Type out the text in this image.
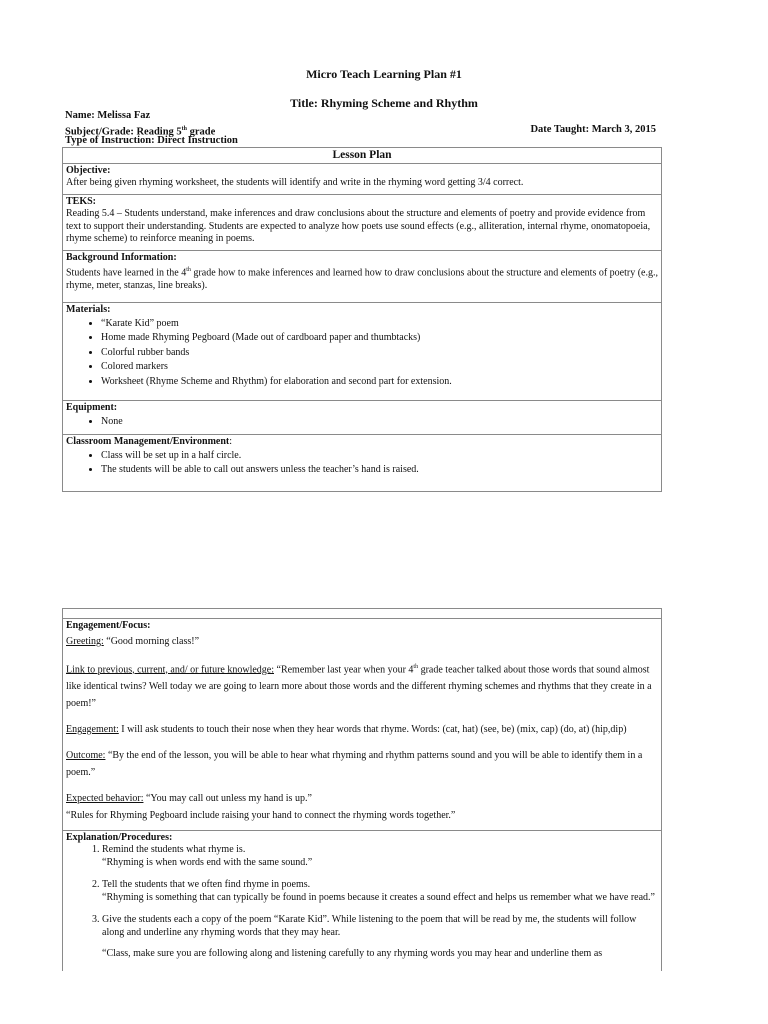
Micro Teach Learning Plan #1
Title: Rhyming Scheme and Rhythm
Name: Melissa Faz
Subject/Grade: Reading 5th grade	Date Taught: March 3, 2015
Type of Instruction: Direct Instruction
Lesson Plan

Objective:
After being given rhyming worksheet, the students will identify and write in the rhyming word getting 3/4 correct.

TEKS:
Reading 5.4 – Students understand, make inferences and draw conclusions about the structure and elements of poetry and provide evidence from text to support their understanding. Students are expected to analyze how poets use sound effects (e.g., alliteration, internal rhyme, onomatopoeia, rhyme scheme) to reinforce meaning in poems.

Background Information:
Students have learned in the 4th grade how to make inferences and learned how to draw conclusions about the structure and elements of poetry (e.g., rhyme, meter, stanzas, line breaks).

Materials:
• “Karate Kid” poem
• Home made Rhyming Pegboard (Made out of cardboard paper and thumbtacks)
• Colorful rubber bands
• Colored markers
• Worksheet (Rhyme Scheme and Rhythm) for elaboration and second part for extension.

Equipment:
• None

Classroom Management/Environment:
• Class will be set up in a half circle.
• The students will be able to call out answers unless the teacher’s hand is raised.

Engagement/Focus:

Greeting: “Good morning class!”

Link to previous, current, and/ or future knowledge: “Remember last year when your 4th grade teacher talked about those words that sound almost like identical twins? Well today we are going to learn more about those words and the different rhyming schemes and rhythms that they create in a poem!”

Engagement: I will ask students to touch their nose when they hear words that rhyme. Words: (cat, hat) (see, be) (mix, cap) (do, at) (hip,dip)

Outcome: “By the end of the lesson, you will be able to hear what rhyming and rhythm patterns sound and you will be able to identify them in a poem.”

Expected behavior: “You may call out unless my hand is up.”

“Rules for Rhyming Pegboard include raising your hand to connect the rhyming words together.”

Explanation/Procedures:
1. Remind the students what rhyme is.
“Rhyming is when words end with the same sound.”
2. Tell the students that we often find rhyme in poems.
“Rhyming is something that can typically be found in poems because it creates a sound effect and helps us remember what we have read.”
3. Give the students each a copy of the poem “Karate Kid”. While listening to the poem that will be read by me, the students will follow along and underline any rhyming words that they may hear.
“Class, make sure you are following along and listening carefully to any rhyming words you may hear and underline them as
